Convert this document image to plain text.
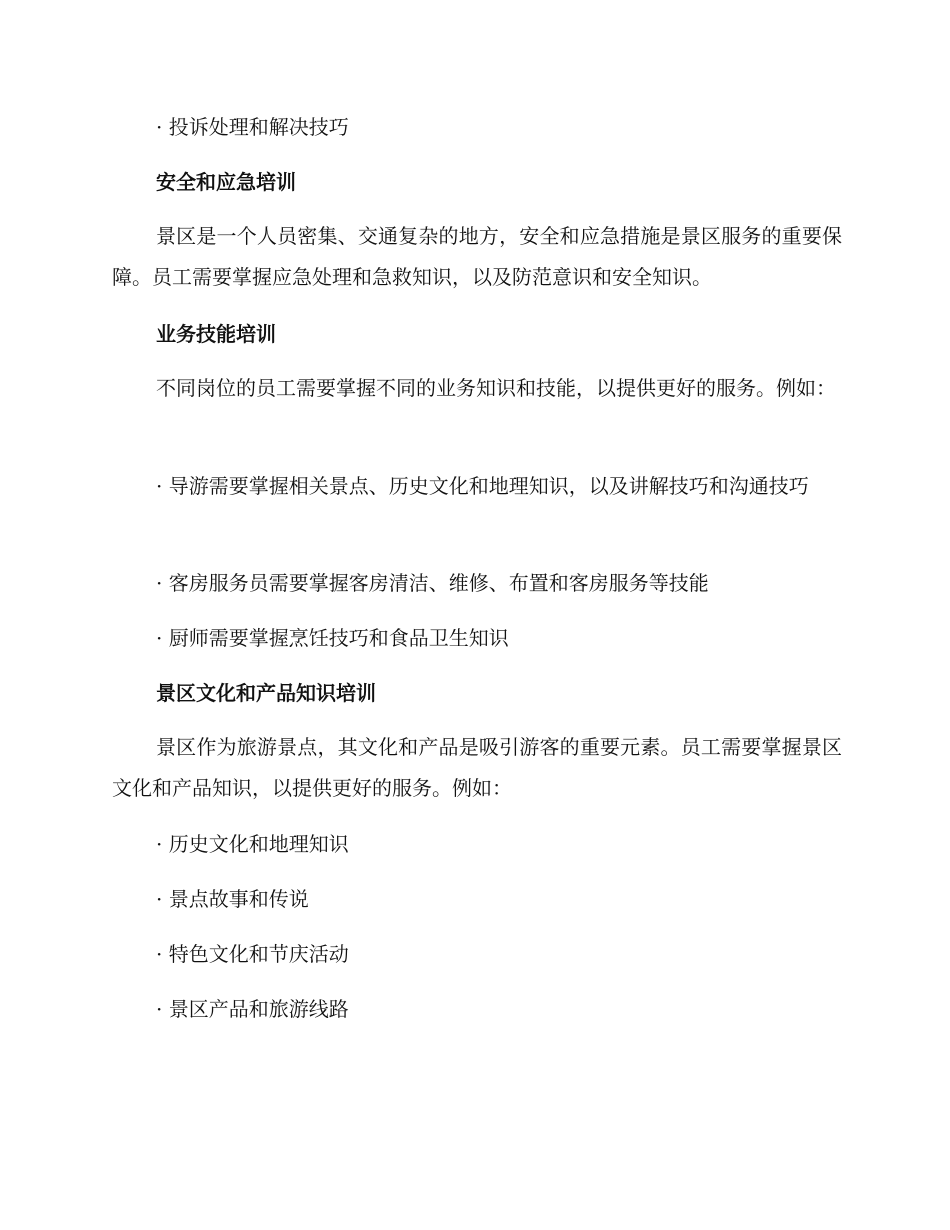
· 投诉处理和解决技巧
安全和应急培训
景区是一个人员密集、交通复杂的地方，安全和应急措施是景区服务的重要保障。员工需要掌握应急处理和急救知识，以及防范意识和安全知识。
业务技能培训
不同岗位的员工需要掌握不同的业务知识和技能，以提供更好的服务。例如：
· 导游需要掌握相关景点、历史文化和地理知识，以及讲解技巧和沟通技巧
· 客房服务员需要掌握客房清洁、维修、布置和客房服务等技能
· 厨师需要掌握烹饪技巧和食品卫生知识
景区文化和产品知识培训
景区作为旅游景点，其文化和产品是吸引游客的重要元素。员工需要掌握景区文化和产品知识，以提供更好的服务。例如：
· 历史文化和地理知识
· 景点故事和传说
· 特色文化和节庆活动
· 景区产品和旅游线路
